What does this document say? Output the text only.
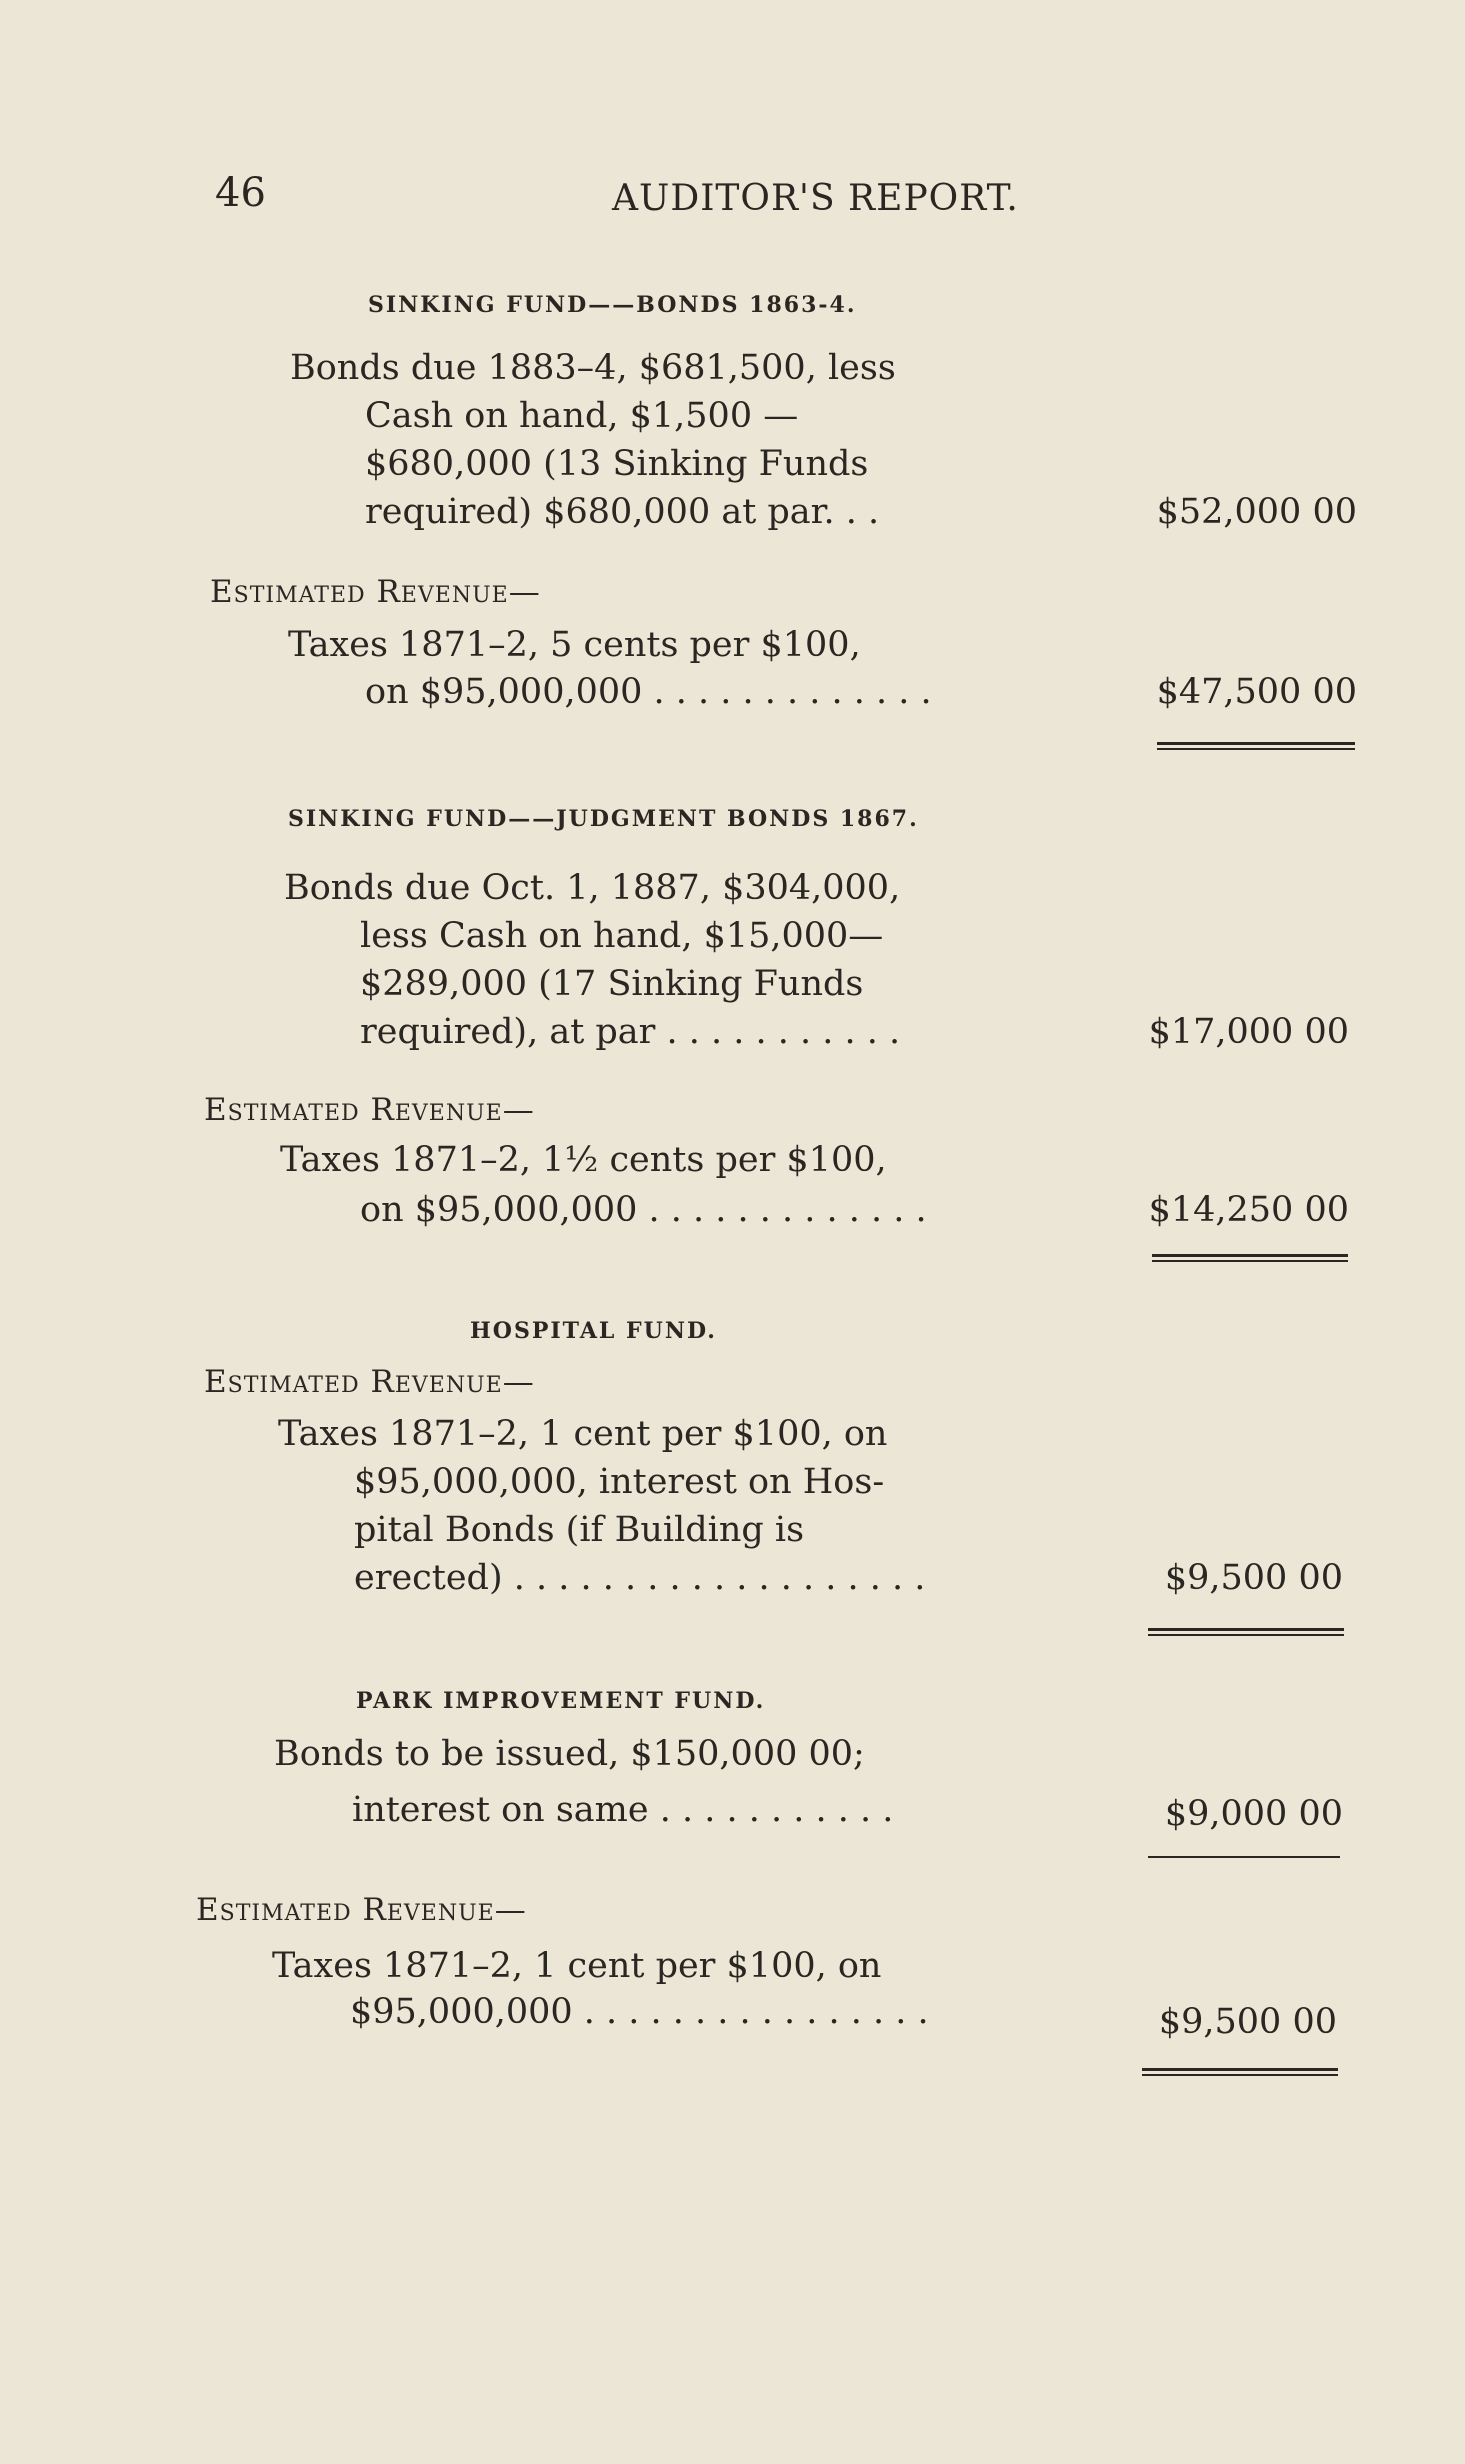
46	AUDITOR'S REPORT.
SINKING FUND——BONDS 1863-4.
Bonds due 1883–4, $681,500, less
Cash on hand, $1,500 —
$680,000 (13 Sinking Funds
required) $680,000 at par. . .	$52,000 00
Estimated Revenue—
Taxes 1871–2, 5 cents per $100,
on $95,000,000 . . . . . . . . . . . . .	$47,500 00
SINKING FUND——JUDGMENT BONDS 1867.
Bonds due Oct. 1, 1887, $304,000,
less Cash on hand, $15,000—
$289,000 (17 Sinking Funds
required), at par . . . . . . . . . . .	$17,000 00
Estimated Revenue—
Taxes 1871–2, 1½ cents per $100,
on $95,000,000 . . . . . . . . . . . . .	$14,250 00
HOSPITAL FUND.
Estimated Revenue—
Taxes 1871–2, 1 cent per $100, on
$95,000,000, interest on Hos-
pital Bonds (if Building is
erected) . . . . . . . . . . . . . . . . . . .	$9,500 00
PARK IMPROVEMENT FUND.
Bonds to be issued, $150,000 00;
interest on same . . . . . . . . . . .	$9,000 00
Estimated Revenue—
Taxes 1871–2, 1 cent per $100, on
$95,000,000 . . . . . . . . . . . . . . . .	$9,500 00
